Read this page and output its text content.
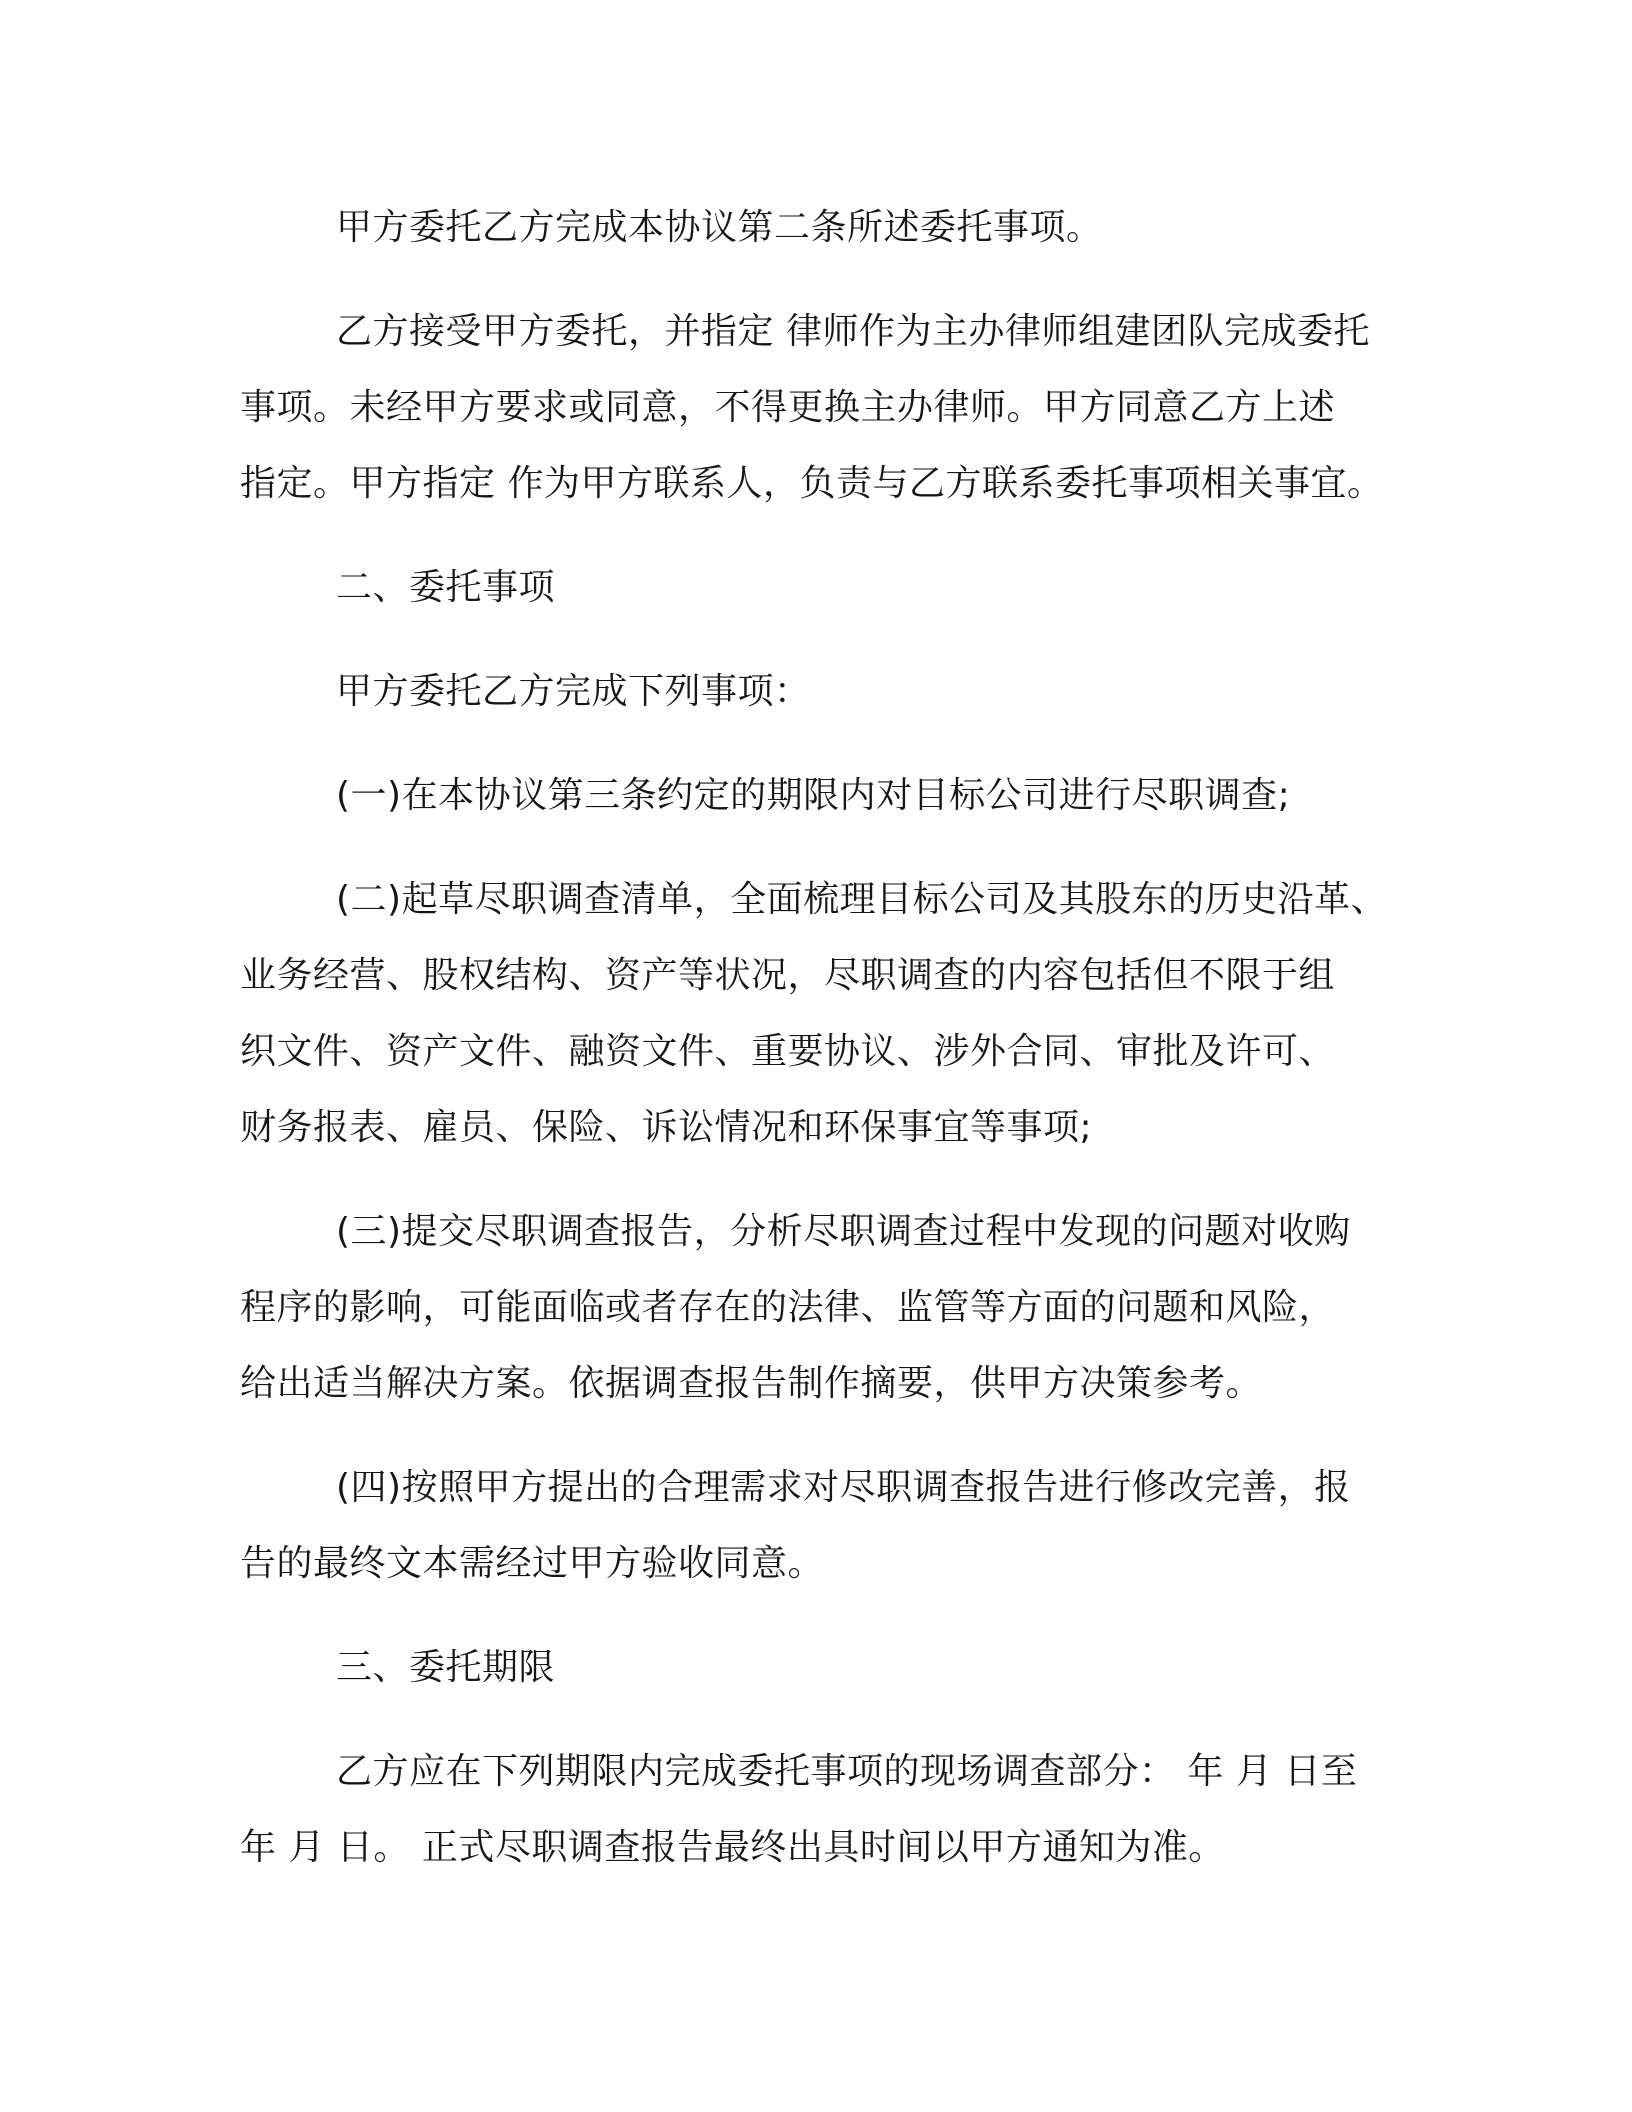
甲方委托乙方完成本协议第二条所述委托事项。

乙方接受甲方委托，并指定 律师作为主办律师组建团队完成委托
事项。未经甲方要求或同意，不得更换主办律师。甲方同意乙方上述
指定。甲方指定 作为甲方联系人，负责与乙方联系委托事项相关事宜。

二、委托事项

甲方委托乙方完成下列事项：

(一)在本协议第三条约定的期限内对目标公司进行尽职调查;

(二)起草尽职调查清单，全面梳理目标公司及其股东的历史沿革、
业务经营、股权结构、资产等状况，尽职调查的内容包括但不限于组
织文件、资产文件、融资文件、重要协议、涉外合同、审批及许可、
财务报表、雇员、保险、诉讼情况和环保事宜等事项;

(三)提交尽职调查报告，分析尽职调查过程中发现的问题对收购
程序的影响，可能面临或者存在的法律、监管等方面的问题和风险，
给出适当解决方案。依据调查报告制作摘要，供甲方决策参考。

(四)按照甲方提出的合理需求对尽职调查报告进行修改完善，报
告的最终文本需经过甲方验收同意。

三、委托期限

乙方应在下列期限内完成委托事项的现场调查部分： 年 月 日至
年 月 日。 正式尽职调查报告最终出具时间以甲方通知为准。
